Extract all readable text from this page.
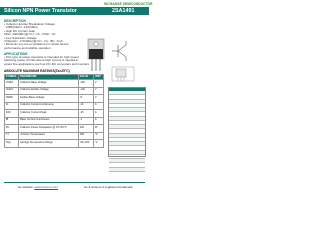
INCHANGE SEMICONDUCTOR
Silicon NPN Power Transistor	2SA1491
DESCRIPTION
• Collector-Emitter Breakdown Voltage
: V(BR)CEO= -140V(Min)
• High DC Current Gain
hFE= 1000(Min)@ IC= -7A ; VCE= -4V
• Low Saturation Voltage
VCE(sat)= -2.5V(Max)@ IC= -7A ; IB= -7mA
• Minimum Lot-to-Lot variations for robust device
performance and reliable operation
APPLICATIONS
• This type of power transistor is intended for high speed
switching power circuits where high current is needed in
power line applications such as DC-DC converters and inverters
ABSOLUTE MAXIMUM RATINGS(Ta=25°C)
SYMBOL	PARAMETER	VALUE	UNIT
VCBO	Collector-Base Voltage	-140	V
VCEO	Collector-Emitter Voltage	-140	V
VEBO	Emitter-Base Voltage	-5	V
IC	Collector Current-Continuous	-10	A
ICM	Collector Current-Peak	-15	A
IB	Base Current-Continuous	-1	A
PC	Collector Power Dissipation @ TC=25°C	100	W
TJ	Junction Temperature	150	°C
Tstg	Storage Temperature Range	-55~150	°C
isc website: www.iscsemi.com	isc & iscsemi is registered trademark
